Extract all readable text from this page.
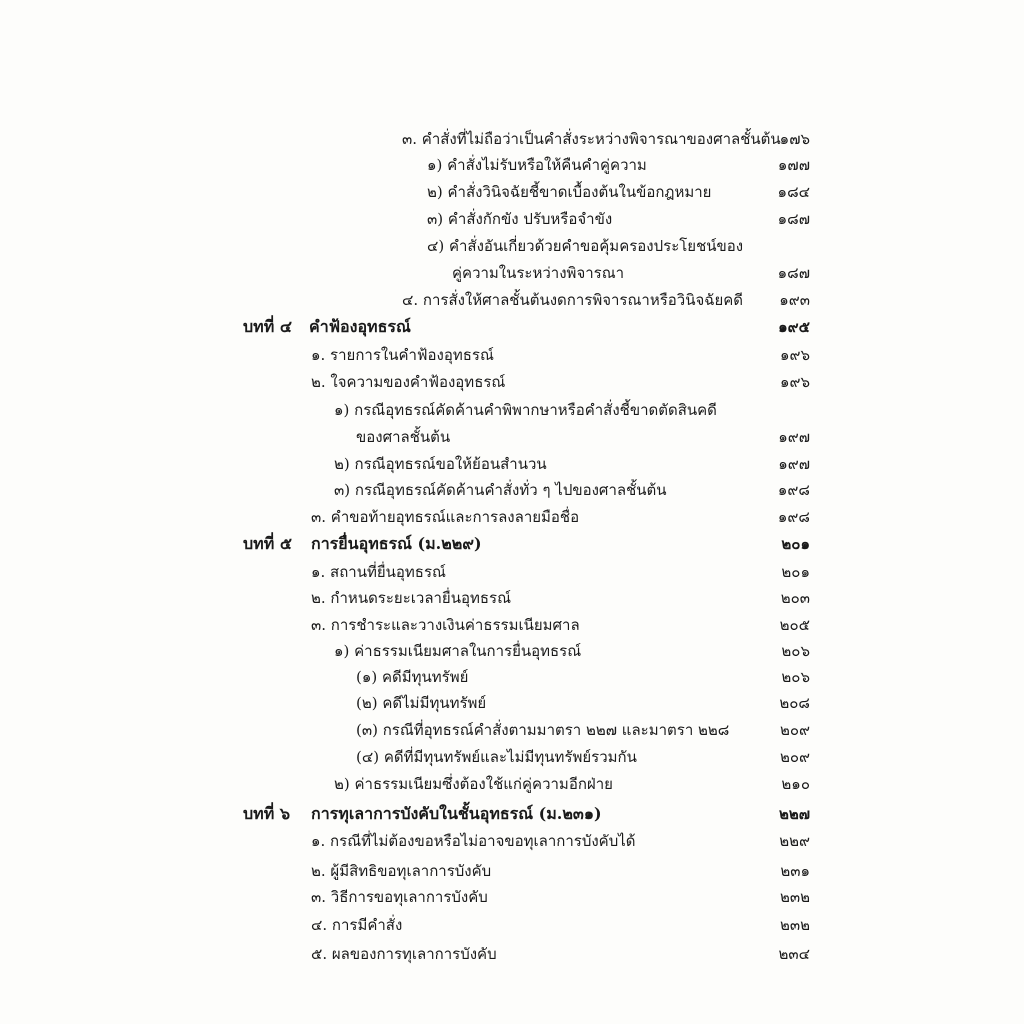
๓. คำสั่งที่ไม่ถือว่าเป็นคำสั่งระหว่างพิจารณาของศาลชั้นต้น ๑๗๖
๑) คำสั่งไม่รับหรือให้คืนคำคู่ความ	๑๗๗
๒) คำสั่งวินิจฉัยชี้ขาดเบื้องต้นในข้อกฎหมาย	๑๘๔
๓) คำสั่งกักขัง ปรับหรือจำขัง	๑๘๗
๔) คำสั่งอันเกี่ยวด้วยคำขอคุ้มครองประโยชน์ของ
คู่ความในระหว่างพิจารณา	๑๘๗
๔. การสั่งให้ศาลชั้นต้นงดการพิจารณาหรือวินิจฉัยคดี ๑๙๓
บทที่ ๔ คำฟ้องอุทธรณ์	๑๙๕
๑. รายการในคำฟ้องอุทธรณ์	๑๙๖
๒. ใจความของคำฟ้องอุทธรณ์	๑๙๖
๑) กรณีอุทธรณ์คัดค้านคำพิพากษาหรือคำสั่งชี้ขาดตัดสินคดี
ของศาลชั้นต้น	๑๙๗
๒) กรณีอุทธรณ์ขอให้ย้อนสำนวน	๑๙๗
๓) กรณีอุทธรณ์คัดค้านคำสั่งทั่ว ๆ ไปของศาลชั้นต้น	๑๙๘
๓. คำขอท้ายอุทธรณ์และการลงลายมือชื่อ	๑๙๘
บทที่ ๕ การยื่นอุทธรณ์ (ม.๒๒๙)	๒๐๑
๑. สถานที่ยื่นอุทธรณ์	๒๐๑
๒. กำหนดระยะเวลายื่นอุทธรณ์	๒๐๓
๓. การชำระและวางเงินค่าธรรมเนียมศาล	๒๐๕
๑) ค่าธรรมเนียมศาลในการยื่นอุทธรณ์	๒๐๖
(๑) คดีมีทุนทรัพย์	๒๐๖
(๒) คดีไม่มีทุนทรัพย์	๒๐๘
(๓) กรณีที่อุทธรณ์คำสั่งตามมาตรา ๒๒๗ และมาตรา ๒๒๘	๒๐๙
(๔) คดีที่มีทุนทรัพย์และไม่มีทุนทรัพย์รวมกัน	๒๐๙
๒) ค่าธรรมเนียมซึ่งต้องใช้แก่คู่ความอีกฝ่าย	๒๑๐
บทที่ ๖ การทุเลาการบังคับในชั้นอุทธรณ์ (ม.๒๓๑)	๒๒๗
๑. กรณีที่ไม่ต้องขอหรือไม่อาจขอทุเลาการบังคับได้	๒๒๙
๒. ผู้มีสิทธิขอทุเลาการบังคับ	๒๓๑
๓. วิธีการขอทุเลาการบังคับ	๒๓๒
๔. การมีคำสั่ง	๒๓๒
๕. ผลของการทุเลาการบังคับ	๒๓๔
